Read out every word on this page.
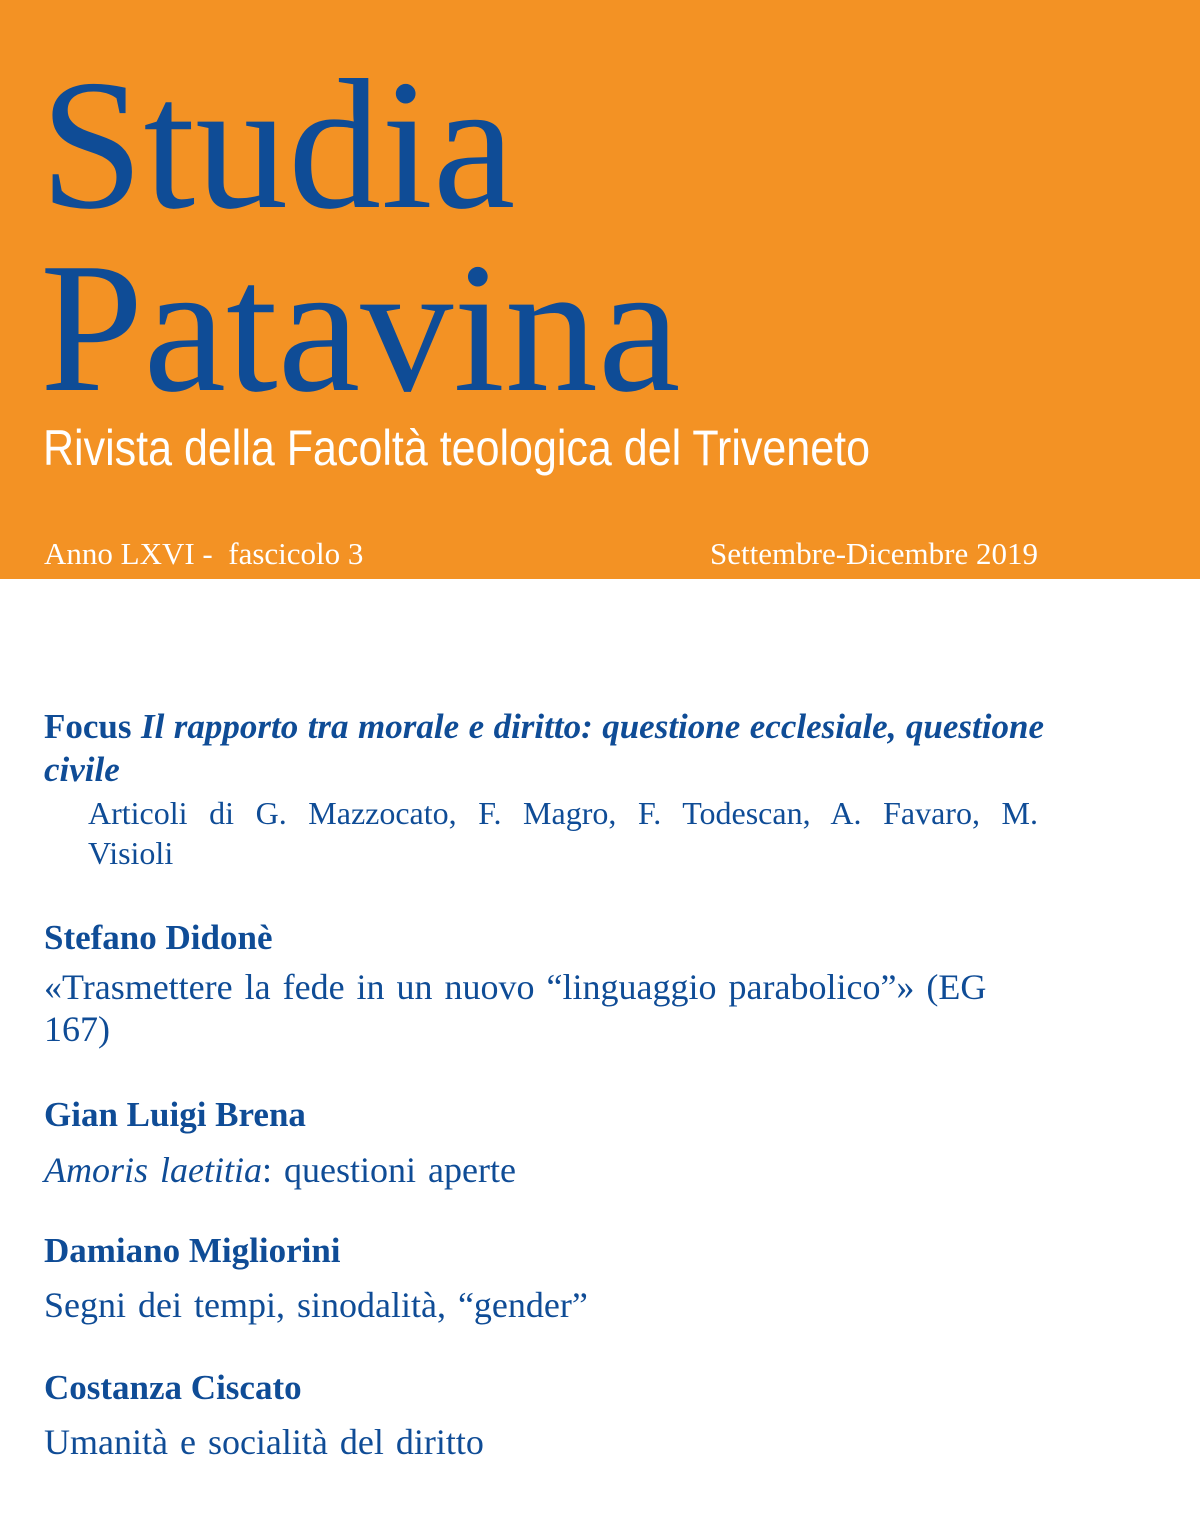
Studia
Patavina
Rivista della Facoltà teologica del Triveneto
Anno LXVI -  fascicolo 3	Settembre-Dicembre 2019

Focus Il rapporto tra morale e diritto: questione ecclesiale, questione civile

Articoli di G. Mazzocato, F. Magro, F. Todescan, A. Favaro, M. Visioli

Stefano Didonè

«Trasmettere la fede in un nuovo “linguaggio parabolico”» (EG 167)

Gian Luigi Brena

Amoris laetitia: questioni aperte

Damiano Migliorini

Segni dei tempi, sinodalità, “gender”

Costanza Ciscato

Umanità e socialità del diritto
